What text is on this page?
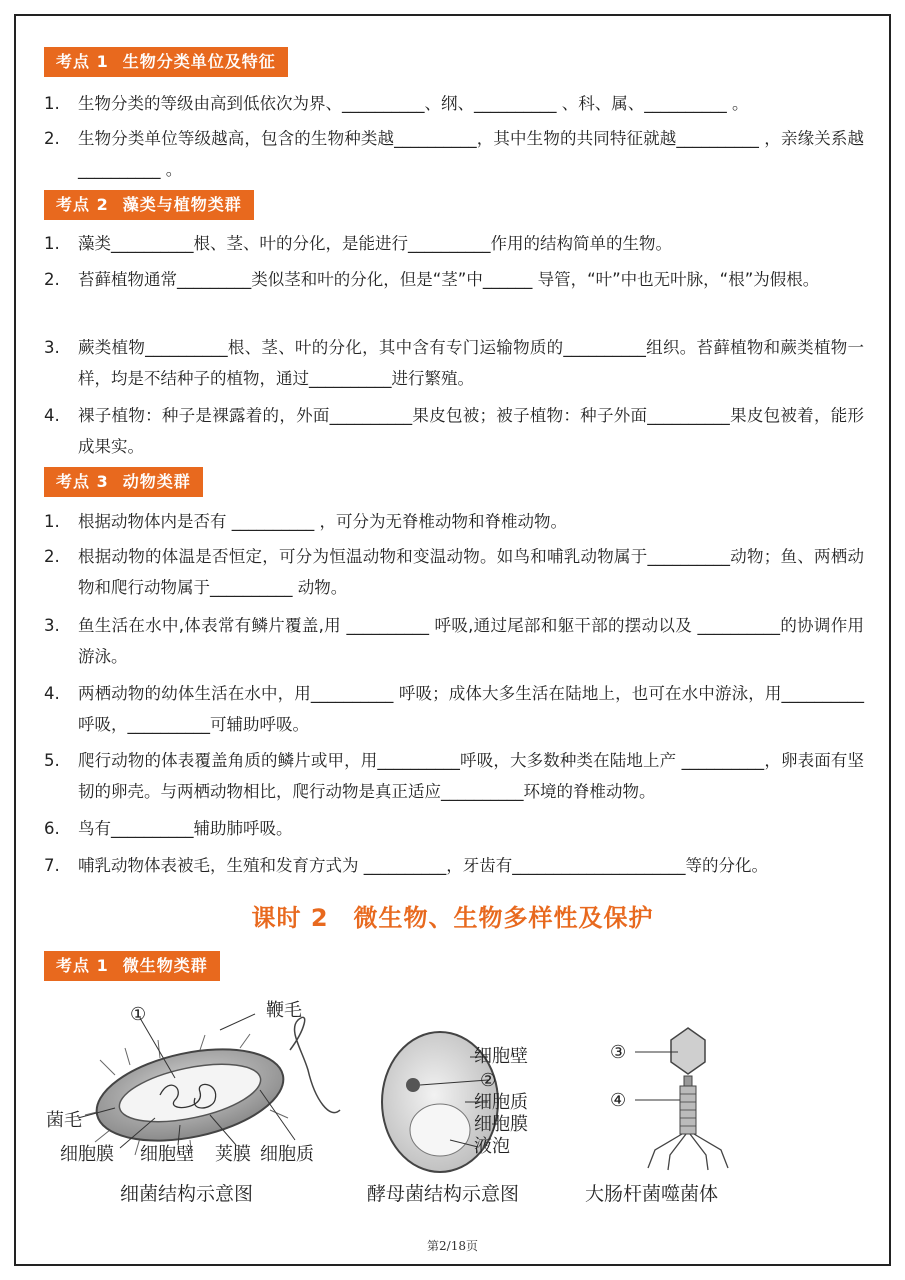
考点 1 生物分类单位及特征
1.	生物分类的等级由高到低依次为界、__________、纲、__________ 、科、属、__________ 。
2.	生物分类单位等级越高，包含的生物种类越__________，其中生物的共同特征就越__________ ，亲缘关系越 __________ 。
考点 2 藻类与植物类群
1.	藻类__________根、茎、叶的分化，是能进行__________作用的结构简单的生物。
2.	苔藓植物通常_________类似茎和叶的分化，但是“茎”中______ 导管，“叶”中也无叶脉，“根”为假根。
3.	蕨类植物__________根、茎、叶的分化，其中含有专门运输物质的__________组织。苔藓植物和蕨类植物一样，均是不结种子的植物，通过__________进行繁殖。
4.	裸子植物：种子是裸露着的，外面__________果皮包被；被子植物：种子外面__________果皮包被着，能形成果实。
考点 3 动物类群
1.	根据动物体内是否有 __________ ，可分为无脊椎动物和脊椎动物。
2.	根据动物的体温是否恒定，可分为恒温动物和变温动物。如鸟和哺乳动物属于__________动物；鱼、两栖动物和爬行动物属于__________ 动物。
3.	鱼生活在水中,体表常有鳞片覆盖,用 __________ 呼吸,通过尾部和躯干部的摆动以及 __________的协调作用游泳。
4.	两栖动物的幼体生活在水中，用__________ 呼吸；成体大多生活在陆地上，也可在水中游泳，用__________呼吸，__________可辅助呼吸。
5.	爬行动物的体表覆盖角质的鳞片或甲，用__________呼吸，大多数种类在陆地上产 __________，卵表面有坚韧的卵壳。与两栖动物相比，爬行动物是真正适应__________环境的脊椎动物。
6.	鸟有__________辅助肺呼吸。
7.	哺乳动物体表被毛，生殖和发育方式为 __________，牙齿有_____________________等的分化。
课时 2　微生物、生物多样性及保护
考点 1 微生物类群
①	鞭毛
菌毛
细胞膜 细胞壁 荚膜 细胞质
细菌结构示意图
细胞壁
②
细胞质
细胞膜
液泡
酵母菌结构示意图
③
④
大肠杆菌噬菌体
第2/18页
